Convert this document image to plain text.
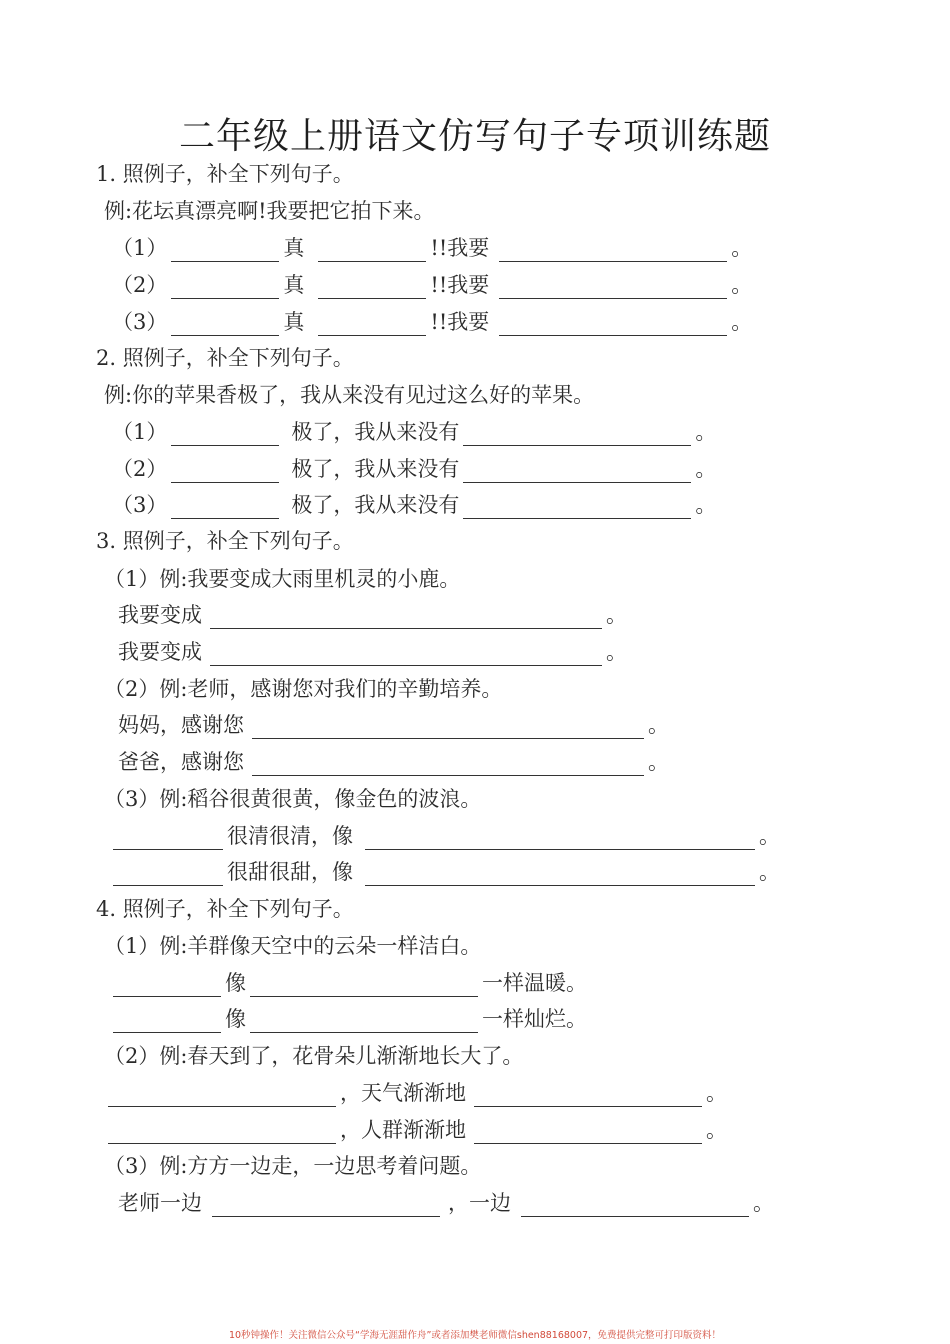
二年级上册语文仿写句子专项训练题
1. 照例子，补全下列句子。
例:花坛真漂亮啊!我要把它拍下来。
（1）	真	!!我要	。
（2）	真	!!我要	。
（3）	真	!!我要	。
2. 照例子，补全下列句子。
例:你的苹果香极了，我从来没有见过这么好的苹果。
（1）	极了，我从来没有	。
（2）	极了，我从来没有	。
（3）	极了，我从来没有	。
3. 照例子，补全下列句子。
（1）例:我要变成大雨里机灵的小鹿。
我要变成	。
我要变成	。
（2）例:老师，感谢您对我们的辛勤培养。
妈妈，感谢您	。
爸爸，感谢您	。
（3）例:稻谷很黄很黄，像金色的波浪。
很清很清，像	。
很甜很甜，像	。
4. 照例子，补全下列句子。
（1）例:羊群像天空中的云朵一样洁白。
像	一样温暖。
像	一样灿烂。
（2）例:春天到了，花骨朵儿渐渐地长大了。
，天气渐渐地	。
，人群渐渐地	。
（3）例:方方一边走，一边思考着问题。
老师一边	，一边	。
10秒钟操作！关注微信公众号“学海无涯甜作舟”或者添加樊老师微信shen88168007，免费提供完整可打印版资料！
